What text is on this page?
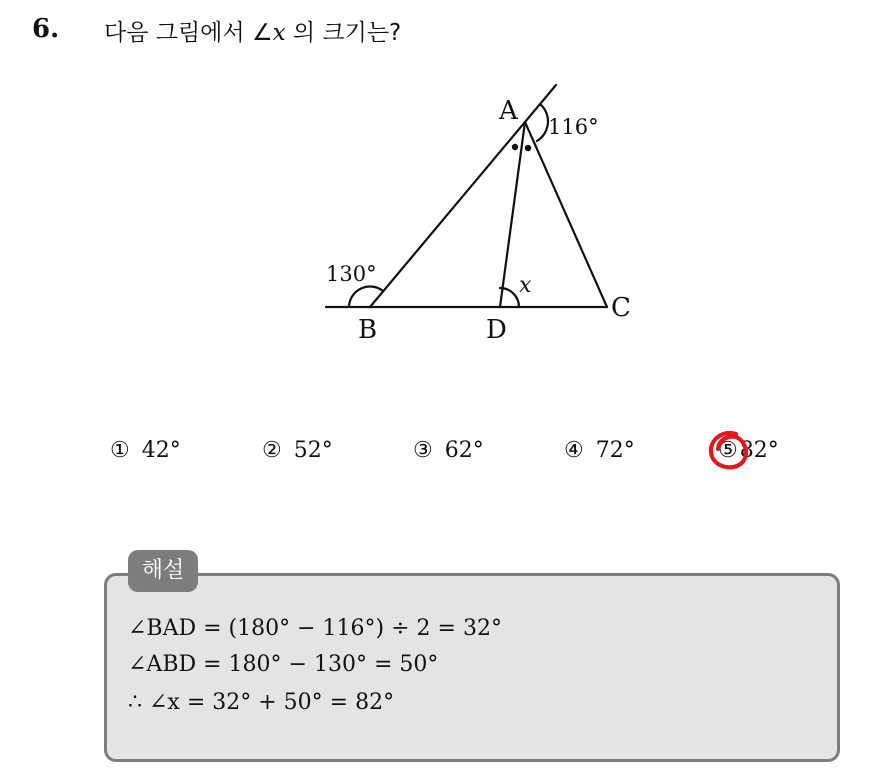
6. 다음 그림에서 ∠x 의 크기는?
A
B
C
D
116°
130°	x
① 42°	② 52°	③ 62°	④ 72°	⑤82°
해설
∠BAD = (180° − 116°) ÷ 2 = 32°
∠ABD = 180° − 130° = 50°
∴ ∠x = 32° + 50° = 82°
